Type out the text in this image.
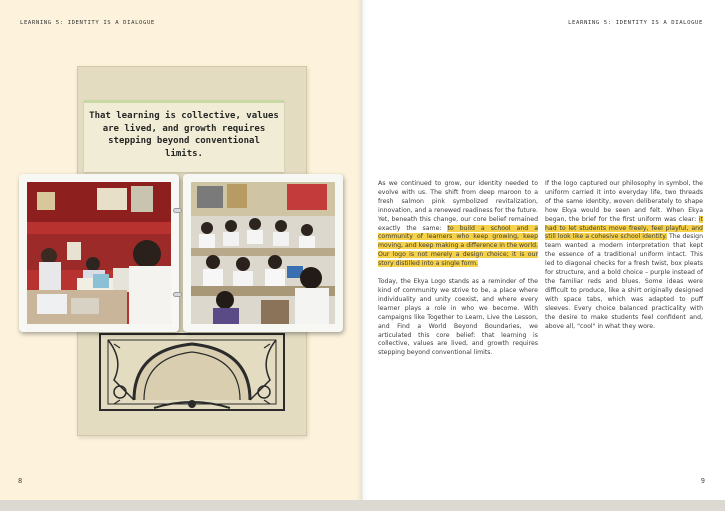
LEARNING 5: IDENTITY IS A DIALOGUE	LEARNING 5: IDENTITY IS A DIALOGUE
That learning is collective, values are lived, and growth requires stepping beyond conventional limits.

As we continued to grow, our identity needed to evolve with us. The shift from deep maroon to a fresh salmon pink symbolized revitalization, innovation, and a renewed readiness for the future. Yet, beneath this change, our core belief remained exactly the same: to build a school and a community of learners who keep growing, keep moving, and keep making a difference in the world. Our logo is not merely a design choice; it is our story distilled into a single form.

Today, the Ekya Logo stands as a reminder of the kind of community we strive to be, a place where individuality and unity coexist, and where every learner plays a role in who we become. With campaigns like Together to Learn, Live the Lesson, and Find a World Beyond Boundaries, we articulated this core belief: that learning is collective, values are lived, and growth requires stepping beyond conventional limits.

If the logo captured our philosophy in symbol, the uniform carried it into everyday life, two threads of the same identity, woven deliberately to shape how Ekya would be seen and felt. When Ekya began, the brief for the first uniform was clear: it had to let students move freely, feel playful, and still look like a cohesive school identity. The design team wanted a modern interpretation that kept the essence of a traditional uniform intact. This led to diagonal checks for a fresh twist, box pleats for structure, and a bold choice – purple instead of the familiar reds and blues. Some ideas were difficult to produce, like a shirt originally designed with space tabs, which was adapted to puff sleeves. Every choice balanced practicality with the desire to make students feel confident and, above all, "cool" in what they wore.

8	9
